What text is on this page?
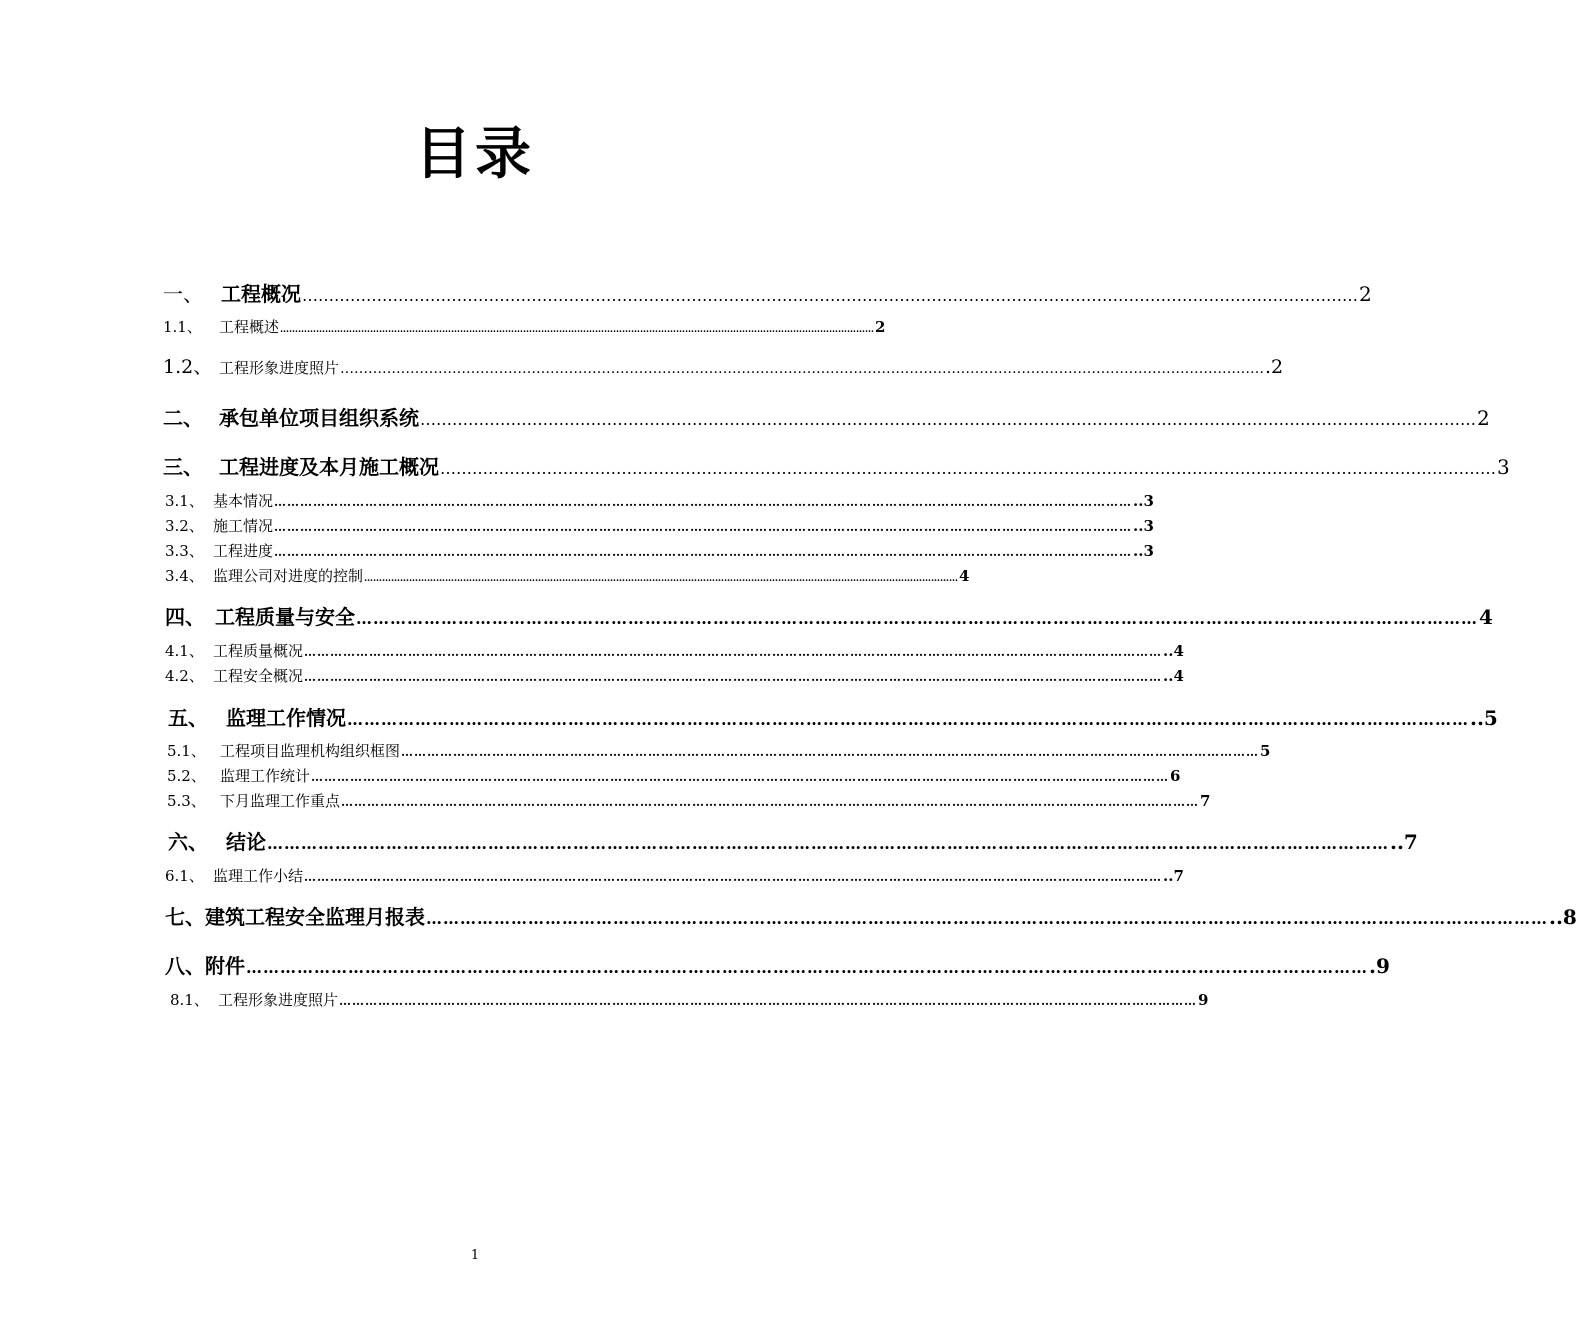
目录
一、 工程概况 ……………………………………………………………………………………………………………………………………………………………………………… 2
1.1、	工程概述 ……………………………………………………………………………………………………………………………………………………………………………… 2
1.2、 工程形象进度照片 ……………………………………………………………………………………………………………………………………………………………………………… .2
二、 承包单位项目组织系统 ……………………………………………………………………………………………………………………………………………………………………………… 2
三、 工程进度及本月施工概况 ……………………………………………………………………………………………………………………………………………………………………………… 3
3.1、 基本情况 ……………………………………………………………………………………………………………………………………………………………………………… ..3
3.2、 施工情况 ……………………………………………………………………………………………………………………………………………………………………………… ..3
3.3、 工程进度 ……………………………………………………………………………………………………………………………………………………………………………… ..3
3.4、 监理公司对进度的控制 ……………………………………………………………………………………………………………………………………………………………………………… 4
四、 工程质量与安全 ……………………………………………………………………………………………………………………………………………………………………………… 4
4.1、 工程质量概况 ……………………………………………………………………………………………………………………………………………………………………………… ..4
4.2、 工程安全概况 ……………………………………………………………………………………………………………………………………………………………………………… ..4
五、 监理工作情况 ……………………………………………………………………………………………………………………………………………………………………………… ..5
5.1、 工程项目监理机构组织框图 ……………………………………………………………………………………………………………………………………………………………………………… 5
5.2、 监理工作统计 ……………………………………………………………………………………………………………………………………………………………………………… 6
5.3、 下月监理工作重点 ……………………………………………………………………………………………………………………………………………………………………………… 7
六、 结论 ……………………………………………………………………………………………………………………………………………………………………………… ..7
6.1、 监理工作小结 ……………………………………………………………………………………………………………………………………………………………………………… ..7
七、 建筑工程安全监理月报表 ……………………………………………………………………………………………………………………………………………………………………………… ..8
八、 附件 ……………………………………………………………………………………………………………………………………………………………………………… .9
8.1、 工程形象进度照片 ……………………………………………………………………………………………………………………………………………………………………………… 9
1
